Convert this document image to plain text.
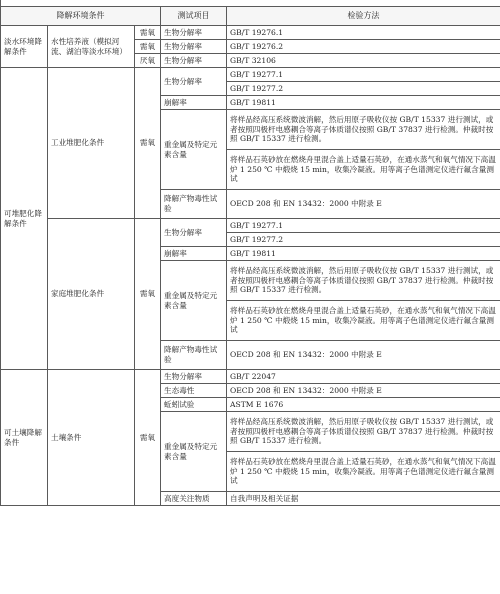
降解环境条件			测试项目	检验方法
淡水环境降解条件	水性培养液（模拟河流、湖泊等淡水环境）	需氧	生物分解率	GB/T 19276.1
		需氧	生物分解率	GB/T 19276.2
		厌氧	生物分解率	GB/T 32106
可堆肥化降解条件	工业堆肥化条件	需氧	生物分解率	GB/T 19277.1
				GB/T 19277.2
			崩解率	GB/T 19811
			重金属及特定元素含量	将样品经高压系统微波消解，然后用原子吸收仪按 GB/T 15337 进行测试，或者按照四极杆电感耦合等离子体质谱仪按照 GB/T 37837 进行检测。仲裁时按照 GB/T 15337 进行检测。
				将样品石英砂放在燃烧舟里混合盖上适量石英砂，在通水蒸气和氧气情况下高温炉 1 250 ℃ 中煅烧 15 min，收集冷凝液。用等离子色谱测定仪进行氟含量测试
			降解产物毒性试验	OECD 208 和 EN 13432：2000 中附录 E
	家庭堆肥化条件	需氧	生物分解率	GB/T 19277.1
				GB/T 19277.2
			崩解率	GB/T 19811
			重金属及特定元素含量	将样品经高压系统微波消解，然后用原子吸收仪按 GB/T 15337 进行测试，或者按照四极杆电感耦合等离子体质谱仪按照 GB/T 37837 进行检测。仲裁时按照 GB/T 15337 进行检测。
				将样品石英砂放在燃烧舟里混合盖上适量石英砂，在通水蒸气和氧气情况下高温炉 1 250 ℃ 中煅烧 15 min，收集冷凝液。用等离子色谱测定仪进行氟含量测试
			降解产物毒性试验	OECD 208 和 EN 13432：2000 中附录 E
可土壤降解条件	土壤条件	需氧	生物分解率	GB/T 22047
			生态毒性	OECD 208 和 EN 13432：2000 中附录 E
			蚯蚓试验	ASTM E 1676
			重金属及特定元素含量	将样品经高压系统微波消解，然后用原子吸收仪按 GB/T 15337 进行测试，或者按照四极杆电感耦合等离子体质谱仪按照 GB/T 37837 进行检测。仲裁时按照 GB/T 15337 进行检测。
				将样品石英砂放在燃烧舟里混合盖上适量石英砂，在通水蒸气和氧气情况下高温炉 1 250 ℃ 中煅烧 15 min，收集冷凝液。用等离子色谱测定仪进行氟含量测试
			高度关注物质	自我声明及相关证据
